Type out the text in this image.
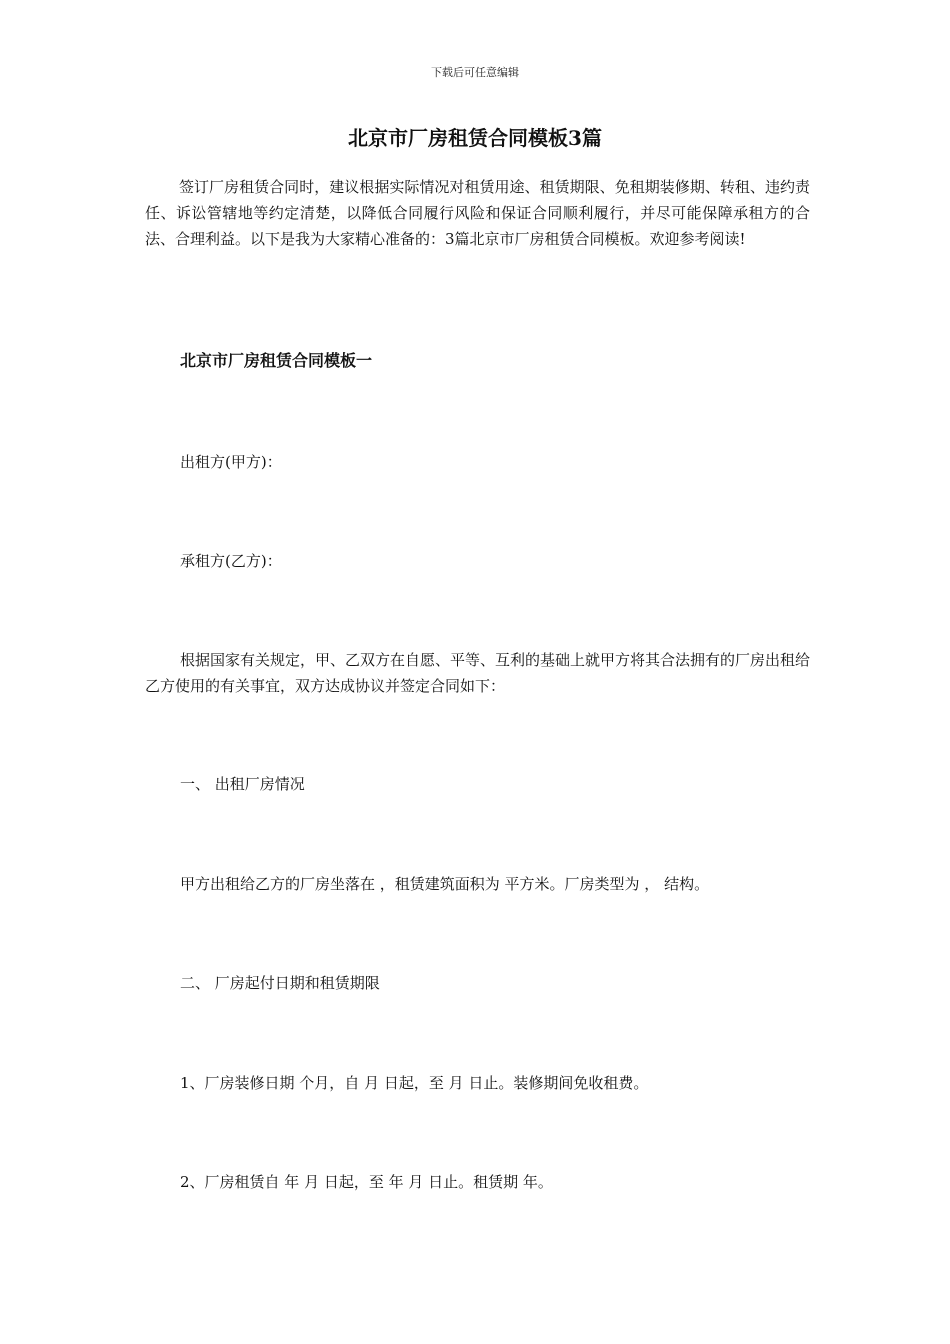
下载后可任意编辑
北京市厂房租赁合同模板3篇

签订厂房租赁合同时，建议根据实际情况对租赁用途、租赁期限、免租期装修期、转租、违约责任、诉讼管辖地等约定清楚，以降低合同履行风险和保证合同顺利履行，并尽可能保障承租方的合法、合理利益。以下是我为大家精心准备的：3篇北京市厂房租赁合同模板。欢迎参考阅读!

北京市厂房租赁合同模板一

出租方(甲方)：

承租方(乙方)：

根据国家有关规定，甲、乙双方在自愿、平等、互利的基础上就甲方将其合法拥有的厂房出租给乙方使用的有关事宜，双方达成协议并签定合同如下：

一、 出租厂房情况

甲方出租给乙方的厂房坐落在 ，租赁建筑面积为 平方米。厂房类型为 ， 结构。

二、 厂房起付日期和租赁期限

1、厂房装修日期 个月，自 月 日起，至 月 日止。装修期间免收租费。

2、厂房租赁自 年 月 日起，至 年 月 日止。租赁期 年。
